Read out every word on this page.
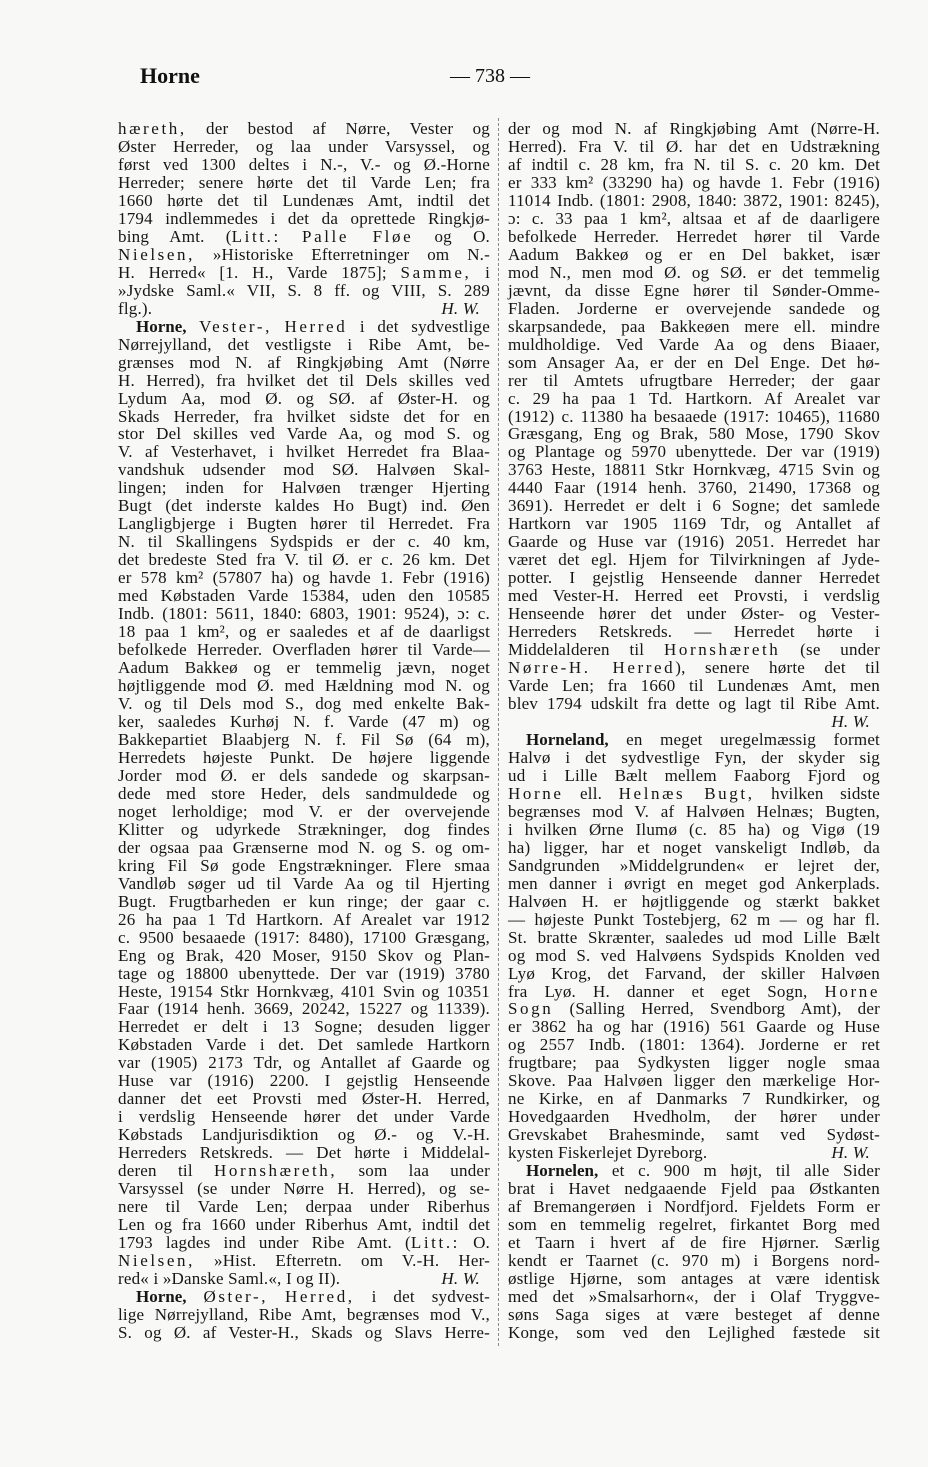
Horne	— 738 —
hæreth, der bestod af Nørre, Vester og
Øster Herreder, og laa under Varsyssel, og
først ved 1300 deltes i N.-, V.- og Ø.-Horne
Herreder; senere hørte det til Varde Len; fra
1660 hørte det til Lundenæs Amt, indtil det
1794 indlemmedes i det da oprettede Ringkjø-
bing Amt. (Litt.: Palle Fløe og O.
Nielsen, »Historiske Efterretninger om N.-
H. Herred« [1. H., Varde 1875]; Samme, i
»Jydske Saml.« VII, S. 8 ff. og VIII, S. 289
flg.).	H. W.
Horne, Vester-, Herred i det sydvestlige
Nørrejylland, det vestligste i Ribe Amt, be-
grænses mod N. af Ringkjøbing Amt (Nørre
H. Herred), fra hvilket det til Dels skilles ved
Lydum Aa, mod Ø. og SØ. af Øster-H. og
Skads Herreder, fra hvilket sidste det for en
stor Del skilles ved Varde Aa, og mod S. og
V. af Vesterhavet, i hvilket Herredet fra Blaa-
vandshuk udsender mod SØ. Halvøen Skal-
lingen; inden for Halvøen trænger Hjerting
Bugt (det inderste kaldes Ho Bugt) ind. Øen
Langligbjerge i Bugten hører til Herredet. Fra
N. til Skallingens Sydspids er der c. 40 km,
det bredeste Sted fra V. til Ø. er c. 26 km. Det
er 578 km² (57807 ha) og havde 1. Febr (1916)
med Købstaden Varde 15384, uden den 10585
Indb. (1801: 5611, 1840: 6803, 1901: 9524), ɔ: c.
18 paa 1 km², og er saaledes et af de daarligst
befolkede Herreder. Overfladen hører til Varde—
Aadum Bakkeø og er temmelig jævn, noget
højtliggende mod Ø. med Hældning mod N. og
V. og til Dels mod S., dog med enkelte Bak-
ker, saaledes Kurhøj N. f. Varde (47 m) og
Bakkepartiet Blaabjerg N. f. Fil Sø (64 m),
Herredets højeste Punkt. De højere liggende
Jorder mod Ø. er dels sandede og skarpsan-
dede med store Heder, dels sandmuldede og
noget lerholdige; mod V. er der overvejende
Klitter og udyrkede Strækninger, dog findes
der ogsaa paa Grænserne mod N. og S. og om-
kring Fil Sø gode Engstrækninger. Flere smaa
Vandløb søger ud til Varde Aa og til Hjerting
Bugt. Frugtbarheden er kun ringe; der gaar c.
26 ha paa 1 Td Hartkorn. Af Arealet var 1912
c. 9500 besaaede (1917: 8480), 17100 Græsgang,
Eng og Brak, 420 Moser, 9150 Skov og Plan-
tage og 18800 ubenyttede. Der var (1919) 3780
Heste, 19154 Stkr Hornkvæg, 4101 Svin og 10351
Faar (1914 henh. 3669, 20242, 15227 og 11339).
Herredet er delt i 13 Sogne; desuden ligger
Købstaden Varde i det. Det samlede Hartkorn
var (1905) 2173 Tdr, og Antallet af Gaarde og
Huse var (1916) 2200. I gejstlig Henseende
danner det eet Provsti med Øster-H. Herred,
i verdslig Henseende hører det under Varde
Købstads Landjurisdiktion og Ø.- og V.-H.
Herreders Retskreds. — Det hørte i Middelal-
deren til Hornshæreth, som laa under
Varsyssel (se under Nørre H. Herred), og se-
nere til Varde Len; derpaa under Riberhus
Len og fra 1660 under Riberhus Amt, indtil det
1793 lagdes ind under Ribe Amt. (Litt.: O.
Nielsen, »Hist. Efterretn. om V.-H. Her-
red« i »Danske Saml.«, I og II).	H. W.
Horne, Øster-, Herred, i det sydvest-
lige Nørrejylland, Ribe Amt, begrænses mod V.,
S. og Ø. af Vester-H., Skads og Slavs Herre-
der og mod N. af Ringkjøbing Amt (Nørre-H.
Herred). Fra V. til Ø. har det en Udstrækning
af indtil c. 28 km, fra N. til S. c. 20 km. Det
er 333 km² (33290 ha) og havde 1. Febr (1916)
11014 Indb. (1801: 2908, 1840: 3872, 1901: 8245),
ɔ: c. 33 paa 1 km², altsaa et af de daarligere
befolkede Herreder. Herredet hører til Varde
Aadum Bakkeø og er en Del bakket, især
mod N., men mod Ø. og SØ. er det temmelig
jævnt, da disse Egne hører til Sønder-Omme-
Fladen. Jorderne er overvejende sandede og
skarpsandede, paa Bakkeøen mere ell. mindre
muldholdige. Ved Varde Aa og dens Biaaer,
som Ansager Aa, er der en Del Enge. Det hø-
rer til Amtets ufrugtbare Herreder; der gaar
c. 29 ha paa 1 Td. Hartkorn. Af Arealet var
(1912) c. 11380 ha besaaede (1917: 10465), 11680
Græsgang, Eng og Brak, 580 Mose, 1790 Skov
og Plantage og 5970 ubenyttede. Der var (1919)
3763 Heste, 18811 Stkr Hornkvæg, 4715 Svin og
4440 Faar (1914 henh. 3760, 21490, 17368 og
3691). Herredet er delt i 6 Sogne; det samlede
Hartkorn var 1905 1169 Tdr, og Antallet af
Gaarde og Huse var (1916) 2051. Herredet har
været det egl. Hjem for Tilvirkningen af Jyde-
potter. I gejstlig Henseende danner Herredet
med Vester-H. Herred eet Provsti, i verdslig
Henseende hører det under Øster- og Vester-
Herreders Retskreds. — Herredet hørte i
Middelalderen til Hornshæreth (se under
Nørre-H. Herred), senere hørte det til
Varde Len; fra 1660 til Lundenæs Amt, men
blev 1794 udskilt fra dette og lagt til Ribe Amt.
H. W.
Horneland, en meget uregelmæssig formet
Halvø i det sydvestlige Fyn, der skyder sig
ud i Lille Bælt mellem Faaborg Fjord og
Horne ell. Helnæs Bugt, hvilken sidste
begrænses mod V. af Halvøen Helnæs; Bugten,
i hvilken Ørne Ilumø (c. 85 ha) og Vigø (19
ha) ligger, har et noget vanskeligt Indløb, da
Sandgrunden »Middelgrunden« er lejret der,
men danner i øvrigt en meget god Ankerplads.
Halvøen H. er højtliggende og stærkt bakket
— højeste Punkt Tostebjerg, 62 m — og har fl.
St. bratte Skrænter, saaledes ud mod Lille Bælt
og mod S. ved Halvøens Sydspids Knolden ved
Lyø Krog, det Farvand, der skiller Halvøen
fra Lyø. H. danner et eget Sogn, Horne
Sogn (Salling Herred, Svendborg Amt), der
er 3862 ha og har (1916) 561 Gaarde og Huse
og 2557 Indb. (1801: 1364). Jorderne er ret
frugtbare; paa Sydkysten ligger nogle smaa
Skove. Paa Halvøen ligger den mærkelige Hor-
ne Kirke, en af Danmarks 7 Rundkirker, og
Hovedgaarden Hvedholm, der hører under
Grevskabet Brahesminde, samt ved Sydøst-
kysten Fiskerlejet Dyreborg.	H. W.
Hornelen, et c. 900 m højt, til alle Sider
brat i Havet nedgaaende Fjeld paa Østkanten
af Bremangerøen i Nordfjord. Fjeldets Form er
som en temmelig regelret, firkantet Borg med
et Taarn i hvert af de fire Hjørner. Særlig
kendt er Taarnet (c. 970 m) i Borgens nord-
østlige Hjørne, som antages at være identisk
med det »Smalsarhorn«, der i Olaf Tryggve-
søns Saga siges at være besteget af denne
Konge, som ved den Lejlighed fæstede sit
